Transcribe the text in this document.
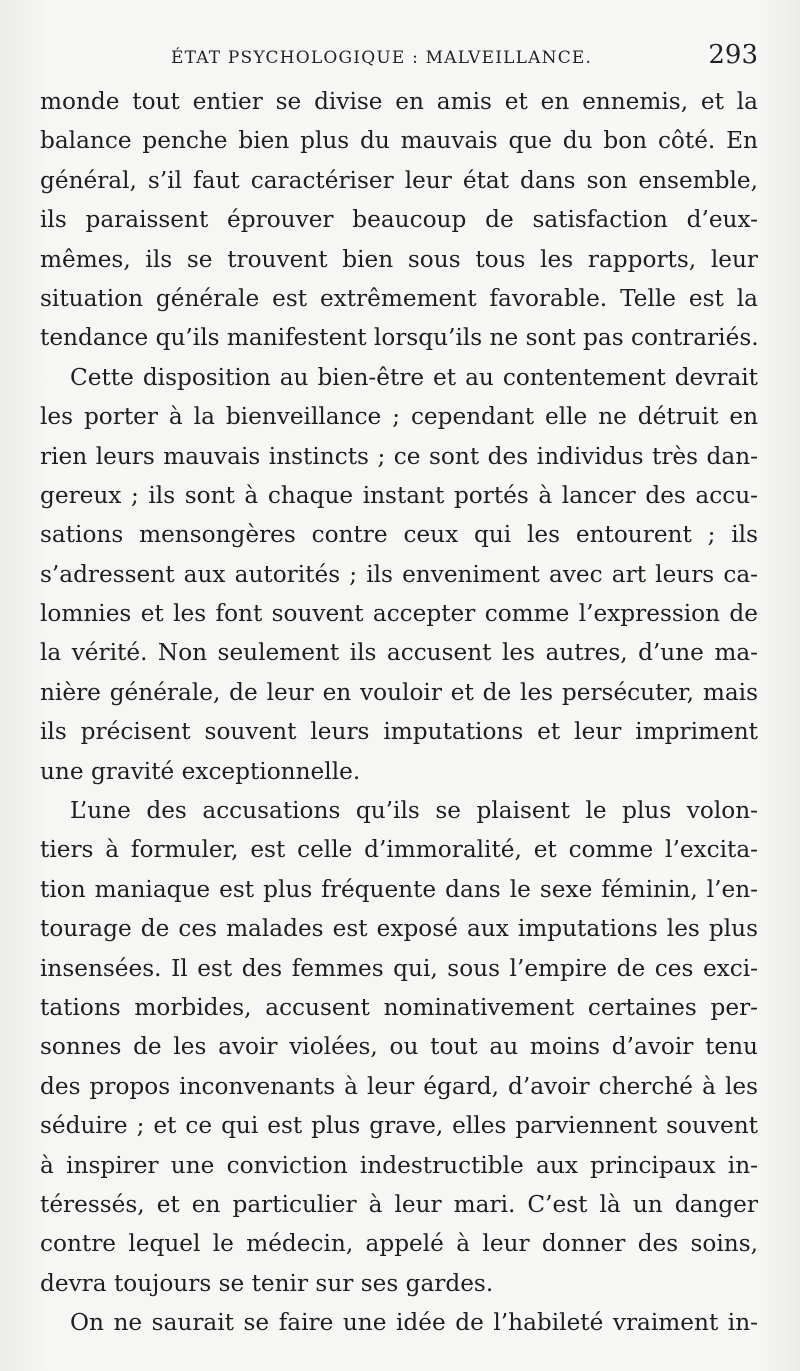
ÉTAT PSYCHOLOGIQUE : MALVEILLANCE.	293
monde tout entier se divise en amis et en ennemis, et la
balance penche bien plus du mauvais que du bon côté. En
général, s’il faut caractériser leur état dans son ensemble,
ils paraissent éprouver beaucoup de satisfaction d’eux-
mêmes, ils se trouvent bien sous tous les rapports, leur
situation générale est extrêmement favorable. Telle est la
tendance qu’ils manifestent lorsqu’ils ne sont pas contrariés.
Cette disposition au bien-être et au contentement devrait
les porter à la bienveillance ; cependant elle ne détruit en
rien leurs mauvais instincts ; ce sont des individus très dan-
gereux ; ils sont à chaque instant portés à lancer des accu-
sations mensongères contre ceux qui les entourent ; ils
s’adressent aux autorités ; ils enveniment avec art leurs ca-
lomnies et les font souvent accepter comme l’expression de
la vérité. Non seulement ils accusent les autres, d’une ma-
nière générale, de leur en vouloir et de les persécuter, mais
ils précisent souvent leurs imputations et leur impriment
une gravité exceptionnelle.
L’une des accusations qu’ils se plaisent le plus volon-
tiers à formuler, est celle d’immoralité, et comme l’excita-
tion maniaque est plus fréquente dans le sexe féminin, l’en-
tourage de ces malades est exposé aux imputations les plus
insensées. Il est des femmes qui, sous l’empire de ces exci-
tations morbides, accusent nominativement certaines per-
sonnes de les avoir violées, ou tout au moins d’avoir tenu
des propos inconvenants à leur égard, d’avoir cherché à les
séduire ; et ce qui est plus grave, elles parviennent souvent
à inspirer une conviction indestructible aux principaux in-
téressés, et en particulier à leur mari. C’est là un danger
contre lequel le médecin, appelé à leur donner des soins,
devra toujours se tenir sur ses gardes.
On ne saurait se faire une idée de l’habileté vraiment in-
